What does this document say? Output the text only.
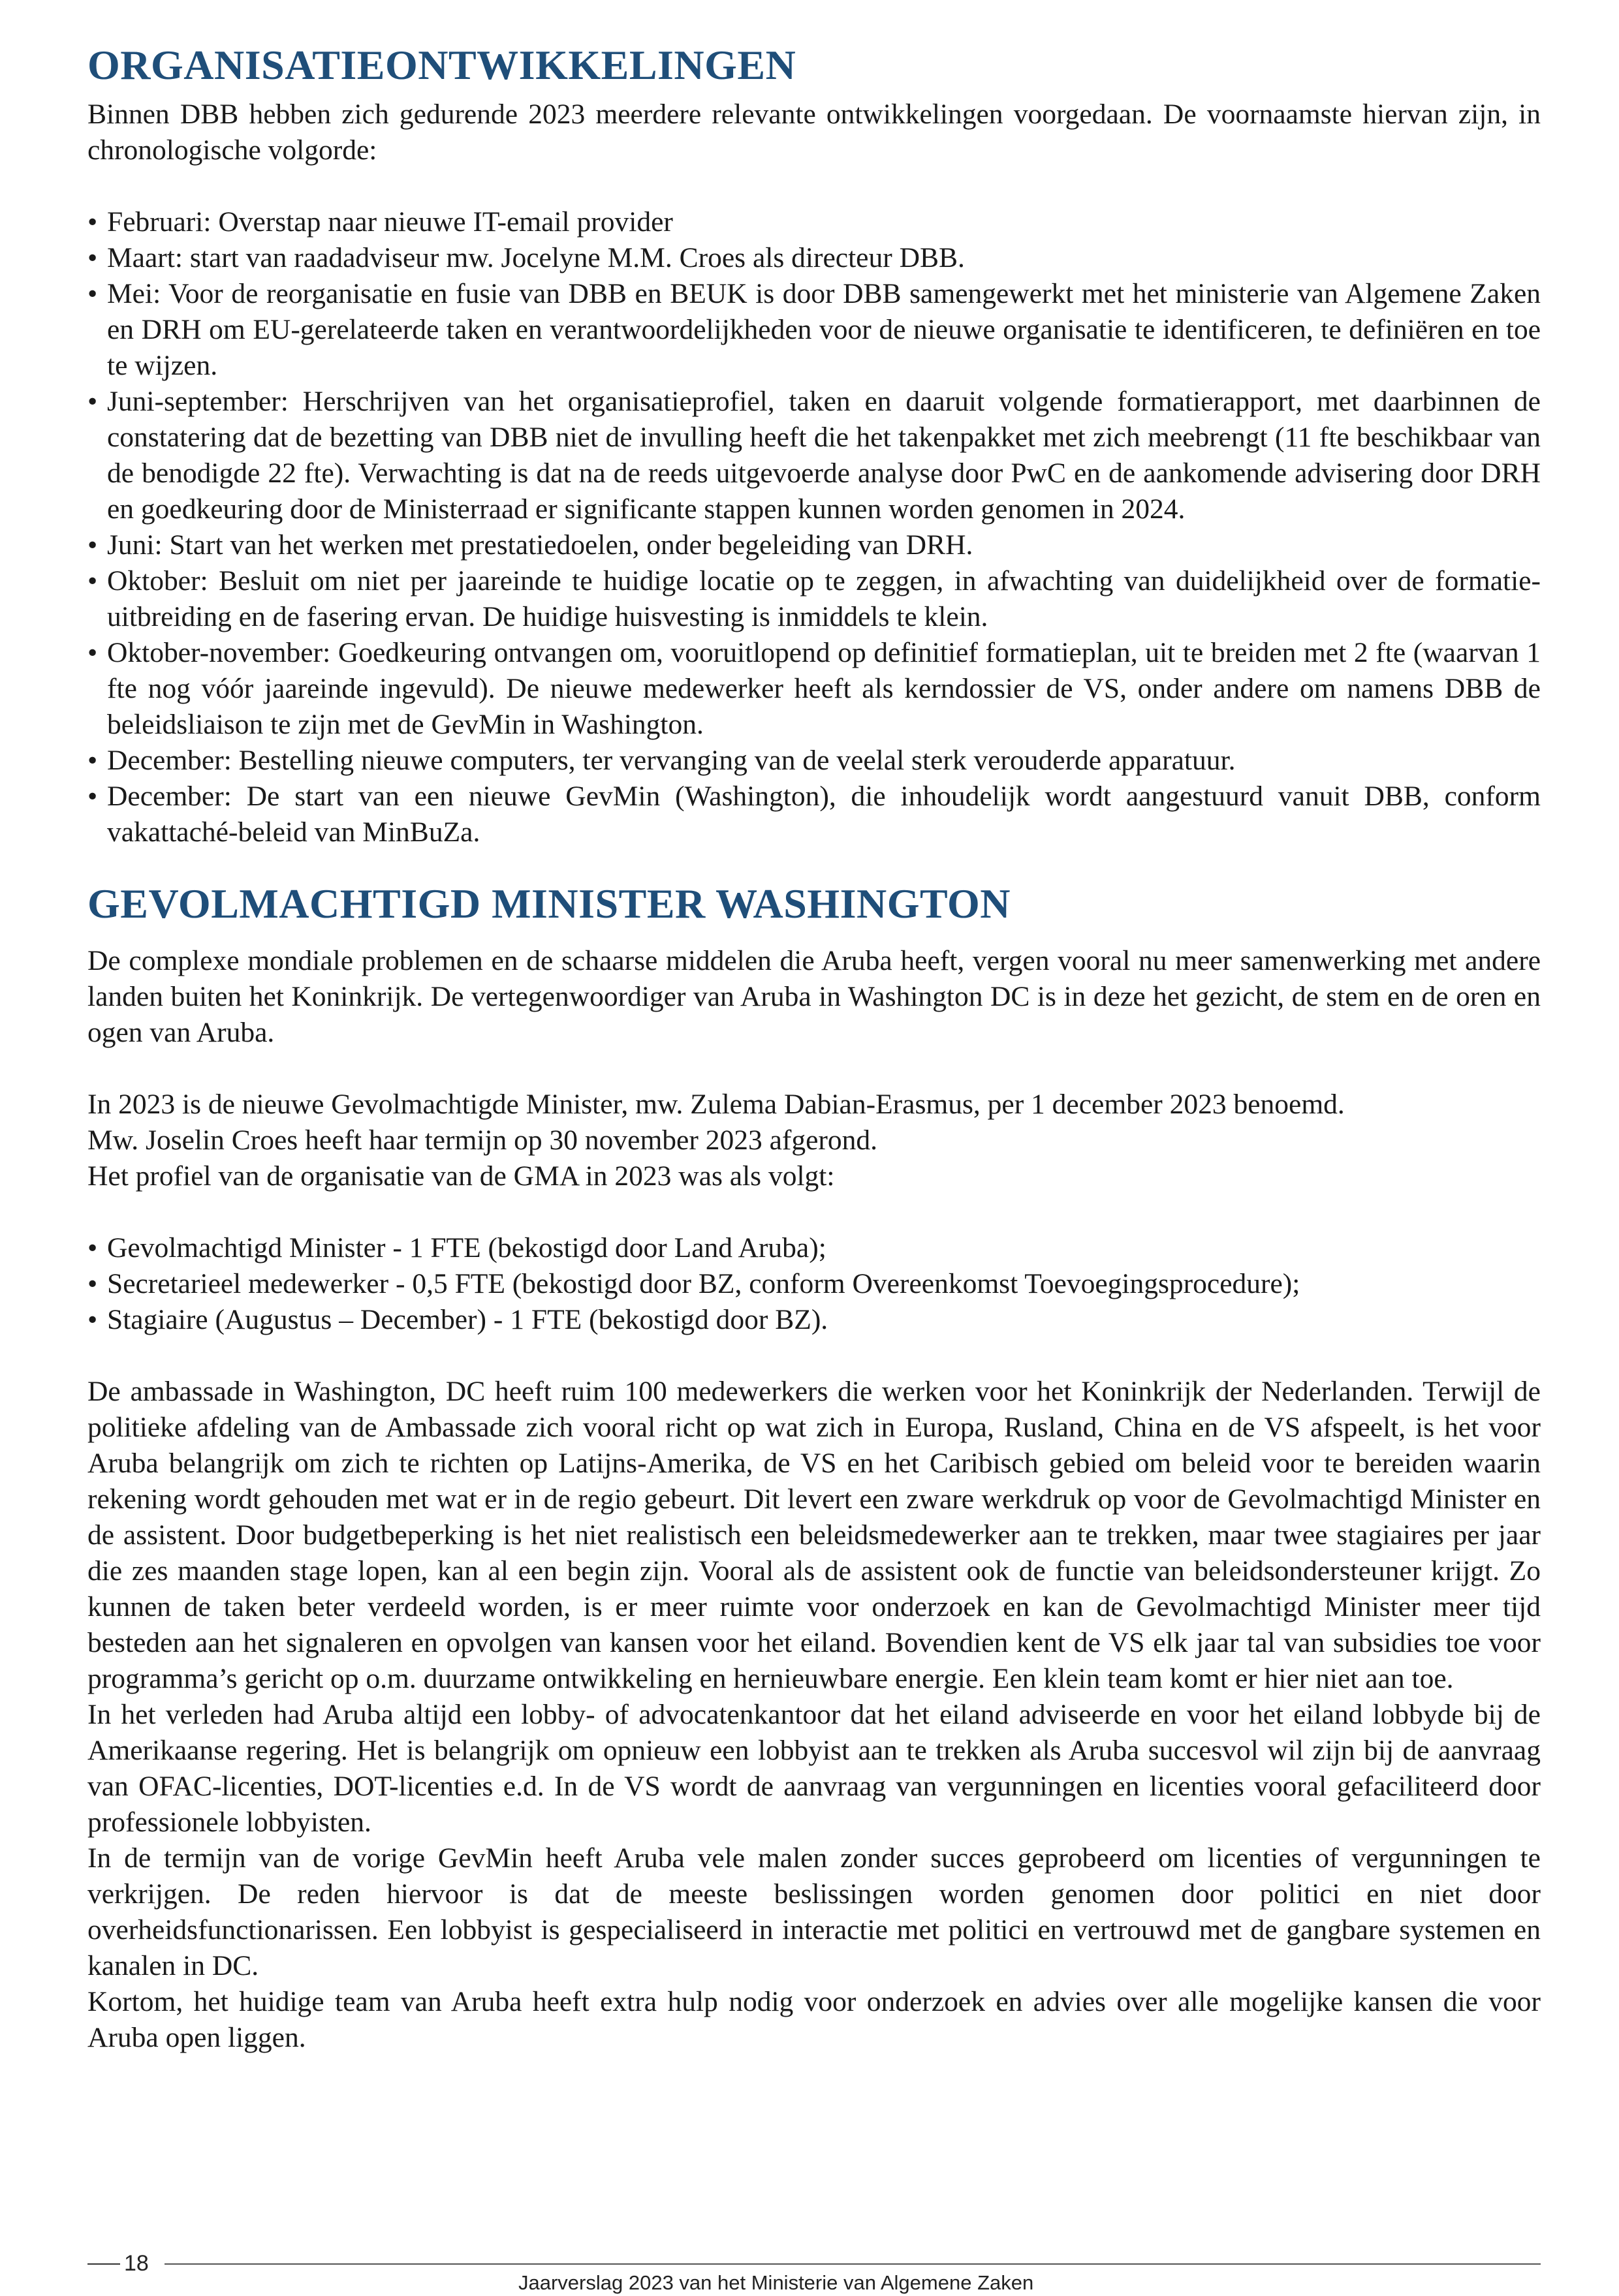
ORGANISATIEONTWIKKELINGEN

Binnen DBB hebben zich gedurende 2023 meerdere relevante ontwikkelingen voorgedaan. De voornaamste hiervan zijn, in chronologische volgorde:

• Februari: Overstap naar nieuwe IT-email provider
• Maart: start van raadadviseur mw. Jocelyne M.M. Croes als directeur DBB.
• Mei: Voor de reorganisatie en fusie van DBB en BEUK is door DBB samengewerkt met het ministerie van Algemene Zaken en DRH om EU-gerelateerde taken en verantwoordelijkheden voor de nieuwe organisatie te identificeren, te definiëren en toe te wijzen.
• Juni-september: Herschrijven van het organisatieprofiel, taken en daaruit volgende formatierapport, met daarbinnen de constatering dat de bezetting van DBB niet de invulling heeft die het takenpakket met zich meebrengt (11 fte beschikbaar van de benodigde 22 fte). Verwachting is dat na de reeds uitgevoerde analyse door PwC en de aankomende advisering door DRH en goedkeuring door de Ministerraad er significante stappen kunnen worden genomen in 2024.
• Juni: Start van het werken met prestatiedoelen, onder begeleiding van DRH.
• Oktober: Besluit om niet per jaareinde te huidige locatie op te zeggen, in afwachting van duidelijkheid over de formatie-uitbreiding en de fasering ervan. De huidige huisvesting is inmiddels te klein.
• Oktober-november: Goedkeuring ontvangen om, vooruitlopend op definitief formatieplan, uit te breiden met 2 fte (waarvan 1 fte nog vóór jaareinde ingevuld). De nieuwe medewerker heeft als kerndossier de VS, onder andere om namens DBB de beleidsliaison te zijn met de GevMin in Washington.
• December: Bestelling nieuwe computers, ter vervanging van de veelal sterk verouderde apparatuur.
• December: De start van een nieuwe GevMin (Washington), die inhoudelijk wordt aangestuurd vanuit DBB, conform vakattaché-beleid van MinBuZa.
GEVOLMACHTIGD MINISTER WASHINGTON

De complexe mondiale problemen en de schaarse middelen die Aruba heeft, vergen vooral nu meer samenwerking met andere landen buiten het Koninkrijk. De vertegenwoordiger van Aruba in Washington DC is in deze het gezicht, de stem en de oren en ogen van Aruba.

In 2023 is de nieuwe Gevolmachtigde Minister, mw. Zulema Dabian-Erasmus, per 1 december 2023 benoemd.

Mw. Joselin Croes heeft haar termijn op 30 november 2023 afgerond.

Het profiel van de organisatie van de GMA in 2023 was als volgt:

• Gevolmachtigd Minister - 1 FTE (bekostigd door Land Aruba);
• Secretarieel medewerker - 0,5 FTE (bekostigd door BZ, conform Overeenkomst Toevoegingsprocedure);
• Stagiaire (Augustus – December) - 1 FTE (bekostigd door BZ).

De ambassade in Washington, DC heeft ruim 100 medewerkers die werken voor het Koninkrijk der Nederlanden. Terwijl de politieke afdeling van de Ambassade zich vooral richt op wat zich in Europa, Rusland, China en de VS afspeelt, is het voor Aruba belangrijk om zich te richten op Latijns-Amerika, de VS en het Caribisch gebied om beleid voor te bereiden waarin rekening wordt gehouden met wat er in de regio gebeurt. Dit levert een zware werkdruk op voor de Gevolmachtigd Minister en de assistent. Door budgetbeperking is het niet realistisch een beleidsmedewerker aan te trekken, maar twee stagiaires per jaar die zes maanden stage lopen, kan al een begin zijn. Vooral als de assistent ook de functie van beleidsondersteuner krijgt. Zo kunnen de taken beter verdeeld worden, is er meer ruimte voor onderzoek en kan de Gevolmachtigd Minister meer tijd besteden aan het signaleren en opvolgen van kansen voor het eiland. Bovendien kent de VS elk jaar tal van subsidies toe voor programma’s gericht op o.m. duurzame ontwikkeling en hernieuwbare energie. Een klein team komt er hier niet aan toe.

In het verleden had Aruba altijd een lobby- of advocatenkantoor dat het eiland adviseerde en voor het eiland lobbyde bij de Amerikaanse regering. Het is belangrijk om opnieuw een lobbyist aan te trekken als Aruba succesvol wil zijn bij de aanvraag van OFAC-licenties, DOT-licenties e.d. In de VS wordt de aanvraag van vergunningen en licenties vooral gefaciliteerd door professionele lobbyisten.

In de termijn van de vorige GevMin heeft Aruba vele malen zonder succes geprobeerd om licenties of vergunningen te verkrijgen. De reden hiervoor is dat de meeste beslissingen worden genomen door politici en niet door overheidsfunctionarissen. Een lobbyist is gespecialiseerd in interactie met politici en vertrouwd met de gangbare systemen en kanalen in DC.

Kortom, het huidige team van Aruba heeft extra hulp nodig voor onderzoek en advies over alle mogelijke kansen die voor Aruba open liggen.

18
Jaarverslag 2023 van het Ministerie van Algemene Zaken
